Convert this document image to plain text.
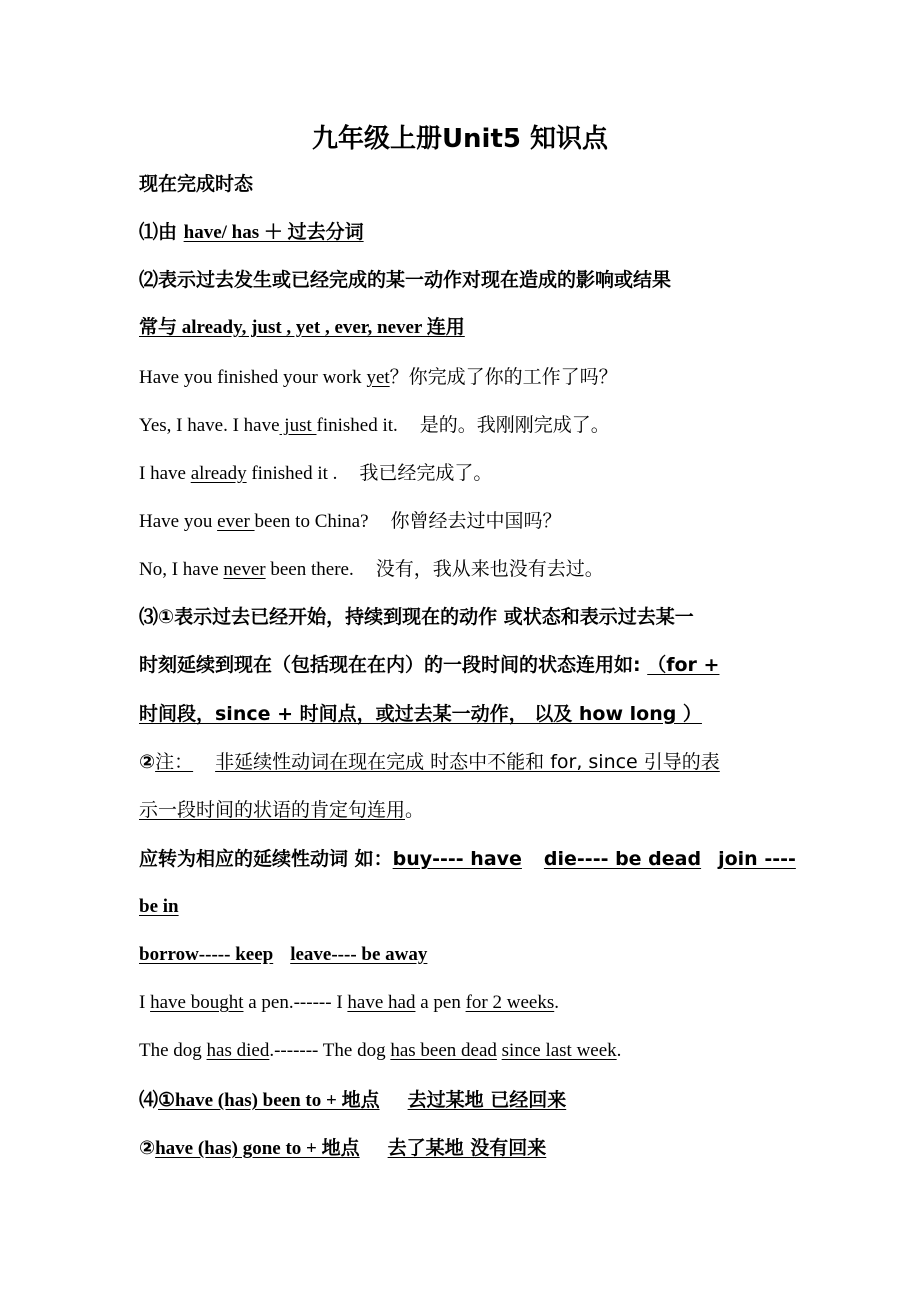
九年级上册Unit5 知识点
现在完成时态
⑴由 have/ has ＋ 过去分词
⑵表示过去发生或已经完成的某一动作对现在造成的影响或结果
常与 already, just , yet , ever, never 连用
Have you finished your work yet？你完成了你的工作了吗？
Yes, I have. I have just finished it. 是的。我刚刚完成了。
I have already finished it . 我已经完成了。
Have you ever been to China? 你曾经去过中国吗？
No, I have never been there. 没有，我从来也没有去过。
⑶①表示过去已经开始，持续到现在的动作 或状态和表示过去某一
时刻延续到现在（包括现在在内）的一段时间的状态连用如: （for +
时间段，since + 时间点，或过去某一动作， 以及 how long ）
②注： 非延续性动词在现在完成 时态中不能和 for, since 引导的表
示一段时间的状语的肯定句连用。
应转为相应的延续性动词 如：buy---- have die---- be dead join ----
be in
borrow----- keep leave---- be away
I have bought a pen.------ I have had a pen for 2 weeks.
The dog has died.------- The dog has been dead since last week.
⑷①have (has) been to + 地点 去过某地 已经回来
②have (has) gone to + 地点 去了某地 没有回来
